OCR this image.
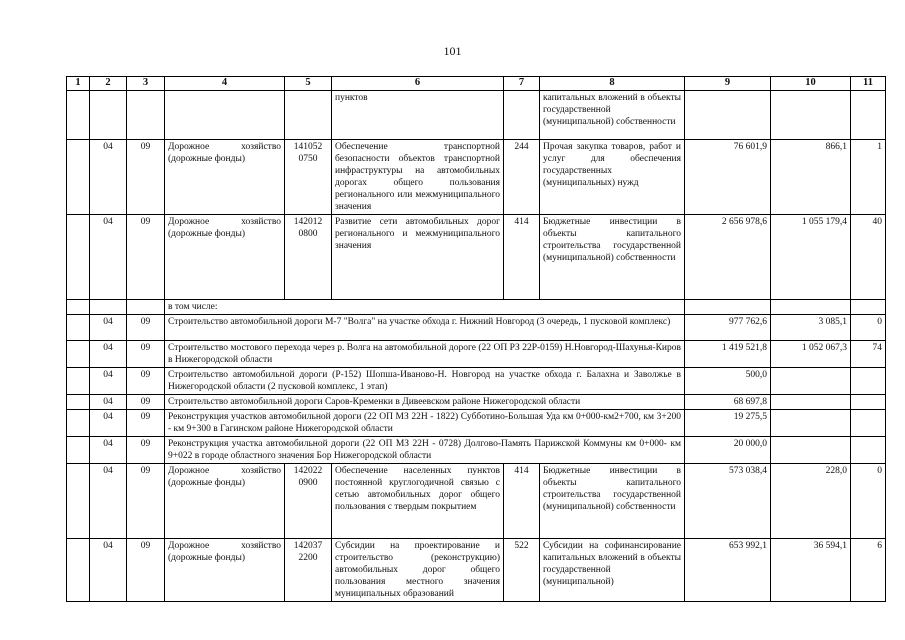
101
1	2	3	4	5	6	7	8	9	10	11
					пунктов		капитальных вложений в объекты государственной (муниципальной) собственности			
	04	09	Дорожное хозяйство (дорожные фонды)	141052 0750	Обеспечение транспортной безопасности объектов транспортной инфраструктуры на автомобильных дорогах общего пользования регионального или межмуниципального значения	244	Прочая закупка товаров, работ и услуг для обеспечения государственных (муниципальных) нужд	76 601,9	866,1	1
	04	09	Дорожное хозяйство (дорожные фонды)	142012 0800	Развитие сети автомобильных дорог регионального и межмуниципального значения	414	Бюджетные инвестиции в объекты капитального строительства государственной (муниципальной) собственности	2 656 978,6	1 055 179,4	40
			в том числе:							
	04	09	Строительство автомобильной дороги М-7 "Волга" на участке обхода г. Нижний Новгород (3 очередь, 1 пусковой комплекс)					977 762,6	3 085,1	0
	04	09	Строительство мостового перехода через р. Волга на автомобильной дороге (22 ОП РЗ 22Р-0159) Н.Новгород-Шахунья-Киров в Нижегородской области					1 419 521,8	1 052 067,3	74
	04	09	Строительство автомобильной дороги (Р-152) Шопша-Иваново-Н. Новгород на участке обхода г. Балахна и Заволжье в Нижегородской области (2 пусковой комплекс, 1 этап)					500,0		
	04	09	Строительство автомобильной дороги Саров-Кременки в Дивеевском районе Нижегородской области					68 697,8		
	04	09	Реконструкция участков автомобильной дороги (22 ОП МЗ 22Н - 1822) Субботино-Большая Уда км 0+000-км2+700, км 3+200 - км 9+300 в Гагинском районе Нижегородской области					19 275,5		
	04	09	Реконструкция участка автомобильной дороги (22 ОП МЗ 22Н - 0728) Долгово-Память Парижской Коммуны км 0+000- км 9+022 в городе областного значения Бор Нижегородской области					20 000,0		
	04	09	Дорожное хозяйство (дорожные фонды)	142022 0900	Обеспечение населенных пунктов постоянной круглогодичной связью с сетью автомобильных дорог общего пользования с твердым покрытием	414	Бюджетные инвестиции в объекты капитального строительства государственной (муниципальной) собственности	573 038,4	228,0	0
	04	09	Дорожное хозяйство (дорожные фонды)	142037 2200	Субсидии на проектирование и строительство (реконструкцию) автомобильных дорог общего пользования местного значения муниципальных образований	522	Субсидии на софинансирование капитальных вложений в объекты государственной (муниципальной)	653 992,1	36 594,1	6
